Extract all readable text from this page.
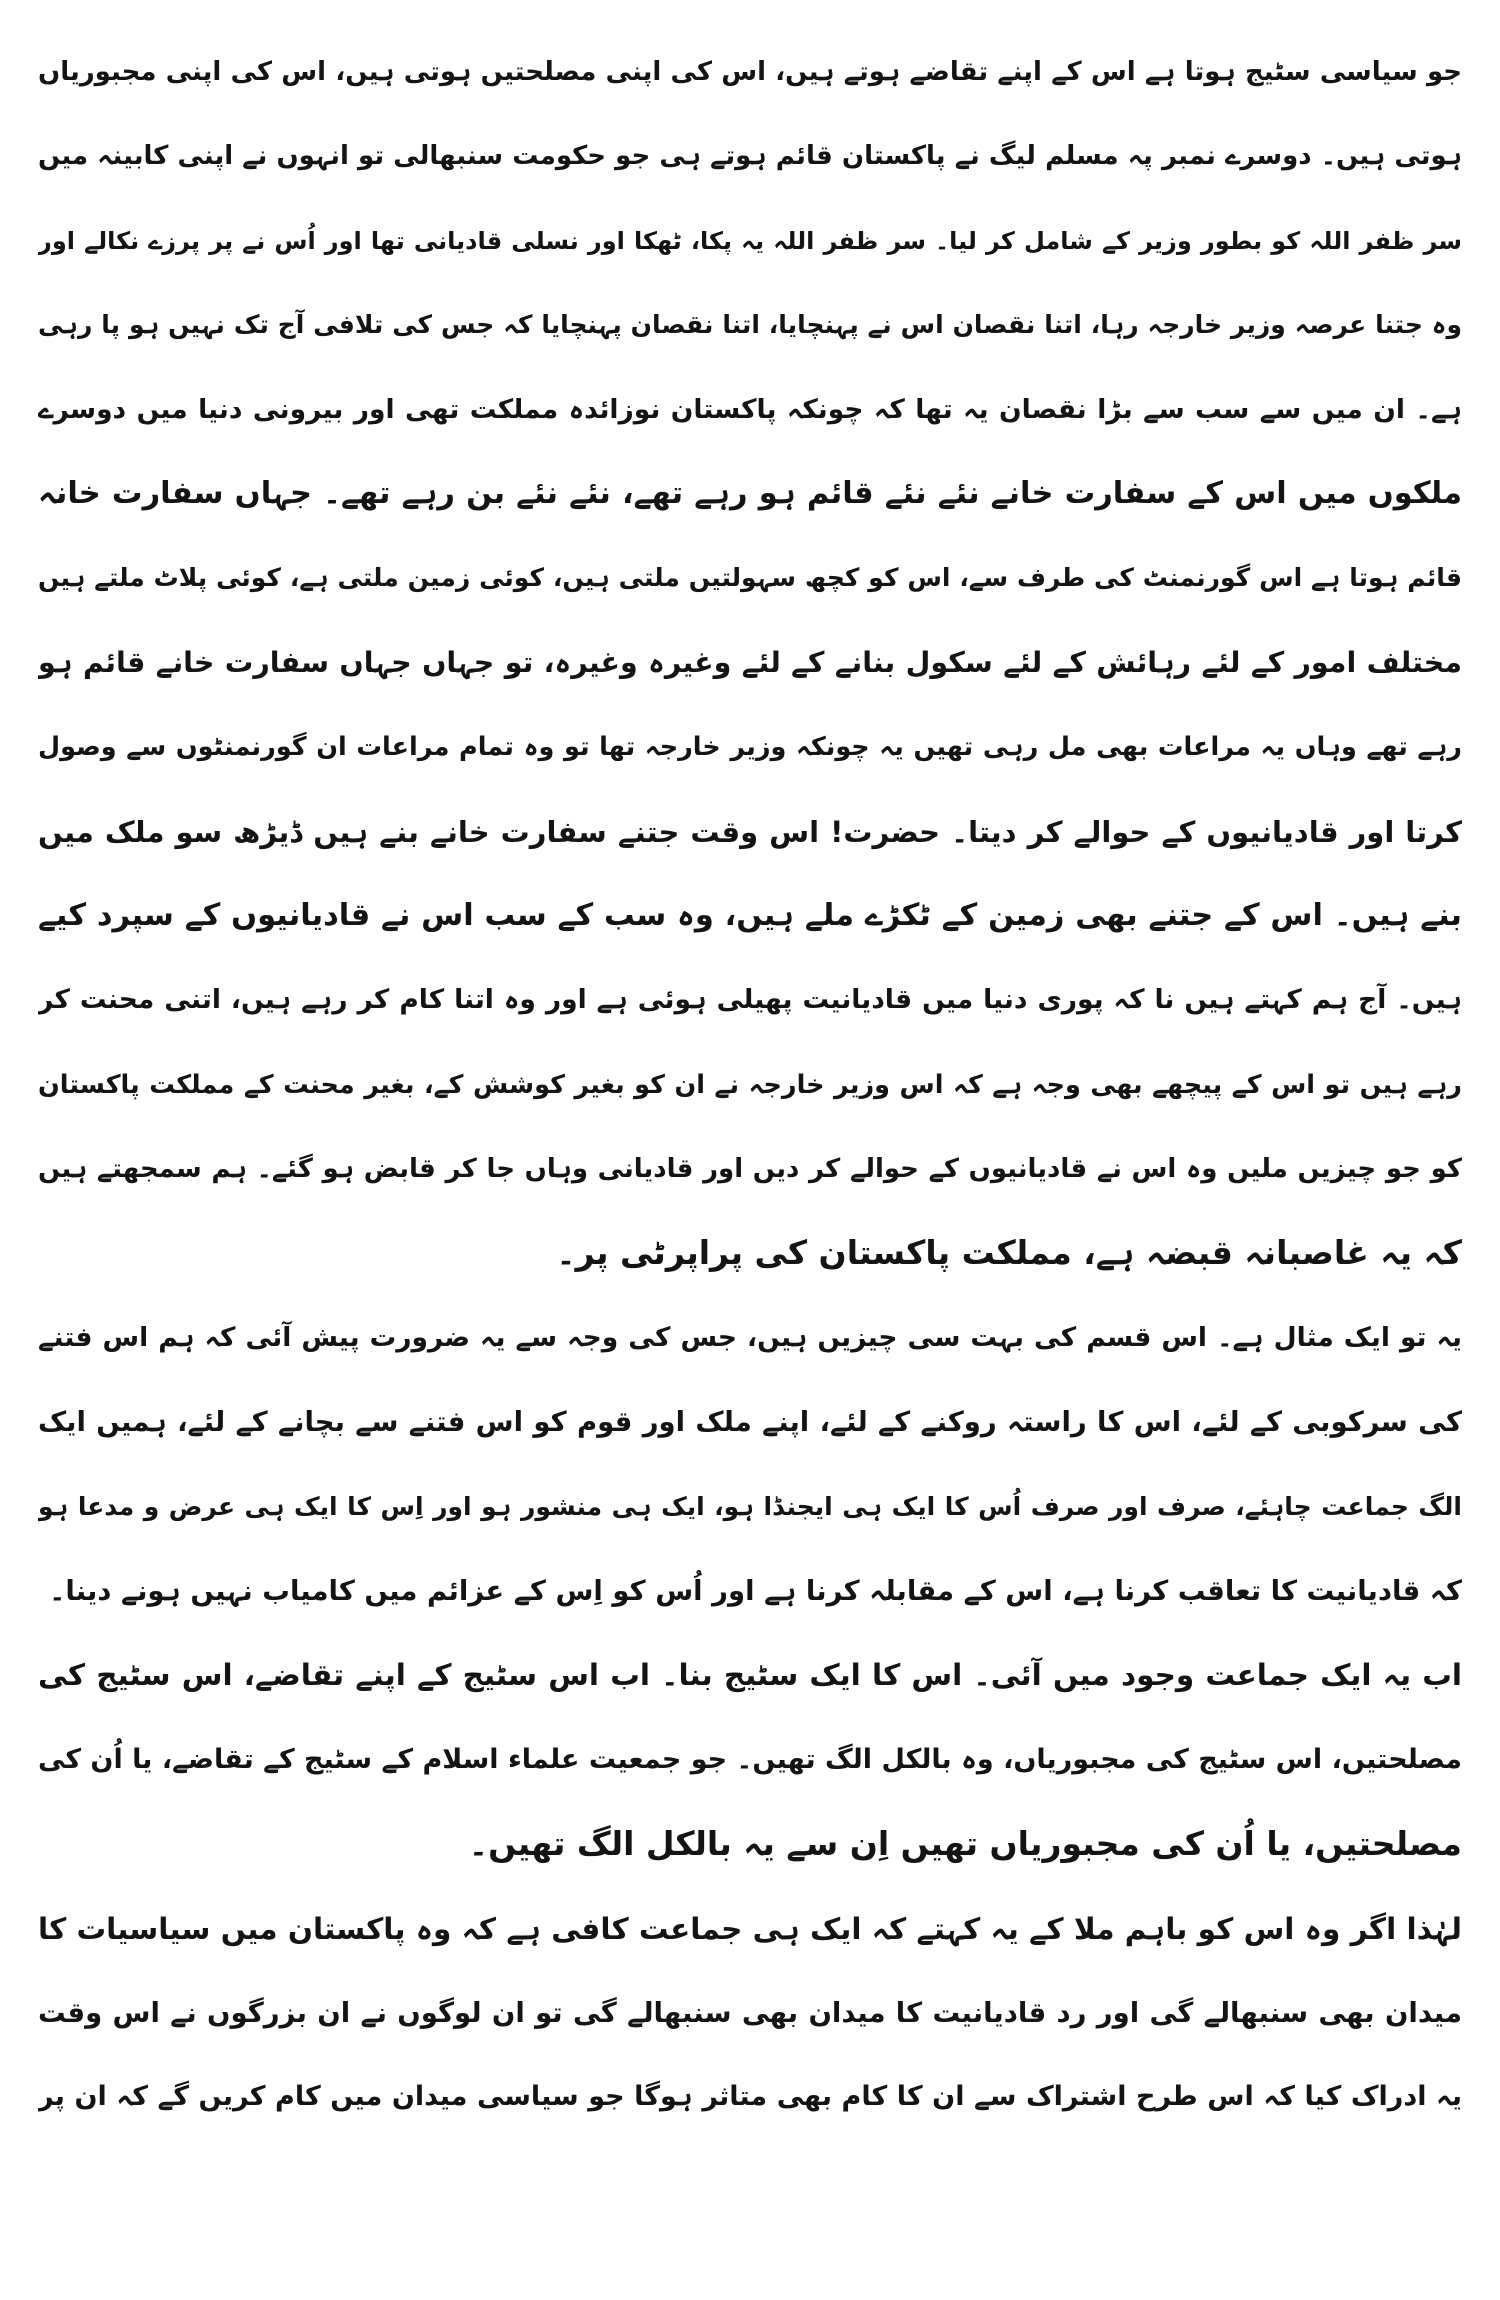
جو سیاسی سٹیج ہوتا ہے اس کے اپنے تقاضے ہوتے ہیں، اس کی اپنی مصلحتیں ہوتی ہیں، اس کی اپنی مجبوریاں
ہوتی ہیں۔ دوسرے نمبر پہ مسلم لیگ نے پاکستان قائم ہوتے ہی جو حکومت سنبھالی تو انہوں نے اپنی کابینہ میں
سر ظفر اللہ کو بطور وزیر کے شامل کر لیا۔ سر ظفر اللہ یہ پکا، ٹھکا اور نسلی قادیانی تھا اور اُس نے پر پرزے نکالے اور
وہ جتنا عرصہ وزیر خارجہ رہا، اتنا نقصان اس نے پہنچایا، اتنا نقصان پہنچایا کہ جس کی تلافی آج تک نہیں ہو پا رہی
ہے۔ ان میں سے سب سے بڑا نقصان یہ تھا کہ چونکہ پاکستان نوزائدہ مملکت تھی اور بیرونی دنیا میں دوسرے
ملکوں میں اس کے سفارت خانے نئے نئے قائم ہو رہے تھے، نئے نئے بن رہے تھے۔ جہاں سفارت خانہ
قائم ہوتا ہے اس گورنمنٹ کی طرف سے، اس کو کچھ سہولتیں ملتی ہیں، کوئی زمین ملتی ہے، کوئی پلاٹ ملتے ہیں
مختلف امور کے لئے رہائش کے لئے سکول بنانے کے لئے وغیرہ وغیرہ، تو جہاں جہاں سفارت خانے قائم ہو
رہے تھے وہاں یہ مراعات بھی مل رہی تھیں یہ چونکہ وزیر خارجہ تھا تو وہ تمام مراعات ان گورنمنٹوں سے وصول
کرتا اور قادیانیوں کے حوالے کر دیتا۔ حضرت! اس وقت جتنے سفارت خانے بنے ہیں ڈیڑھ سو ملک میں
بنے ہیں۔ اس کے جتنے بھی زمین کے ٹکڑے ملے ہیں، وہ سب کے سب اس نے قادیانیوں کے سپرد کیے
ہیں۔ آج ہم کہتے ہیں نا کہ پوری دنیا میں قادیانیت پھیلی ہوئی ہے اور وہ اتنا کام کر رہے ہیں، اتنی محنت کر
رہے ہیں تو اس کے پیچھے بھی وجہ ہے کہ اس وزیر خارجہ نے ان کو بغیر کوشش کے، بغیر محنت کے مملکت پاکستان
کو جو چیزیں ملیں وہ اس نے قادیانیوں کے حوالے کر دیں اور قادیانی وہاں جا کر قابض ہو گئے۔ ہم سمجھتے ہیں
کہ یہ غاصبانہ قبضہ ہے، مملکت پاکستان کی پراپرٹی پر۔
یہ تو ایک مثال ہے۔ اس قسم کی بہت سی چیزیں ہیں، جس کی وجہ سے یہ ضرورت پیش آئی کہ ہم اس فتنے
کی سرکوبی کے لئے، اس کا راستہ روکنے کے لئے، اپنے ملک اور قوم کو اس فتنے سے بچانے کے لئے، ہمیں ایک
الگ جماعت چاہئے، صرف اور صرف اُس کا ایک ہی ایجنڈا ہو، ایک ہی منشور ہو اور اِس کا ایک ہی عرض و مدعا ہو
کہ قادیانیت کا تعاقب کرنا ہے، اس کے مقابلہ کرنا ہے اور اُس کو اِس کے عزائم میں کامیاب نہیں ہونے دینا۔
اب یہ ایک جماعت وجود میں آئی۔ اس کا ایک سٹیج بنا۔ اب اس سٹیج کے اپنے تقاضے، اس سٹیج کی
مصلحتیں، اس سٹیج کی مجبوریاں، وہ بالکل الگ تھیں۔ جو جمعیت علماء اسلام کے سٹیج کے تقاضے، یا اُن کی
مصلحتیں، یا اُن کی مجبوریاں تھیں اِن سے یہ بالکل الگ تھیں۔
لہٰذا اگر وہ اس کو باہم ملا کے یہ کہتے کہ ایک ہی جماعت کافی ہے کہ وہ پاکستان میں سیاسیات کا
میدان بھی سنبھالے گی اور رد قادیانیت کا میدان بھی سنبھالے گی تو ان لوگوں نے ان بزرگوں نے اس وقت
یہ ادراک کیا کہ اس طرح اشتراک سے ان کا کام بھی متاثر ہوگا جو سیاسی میدان میں کام کریں گے کہ ان پر
